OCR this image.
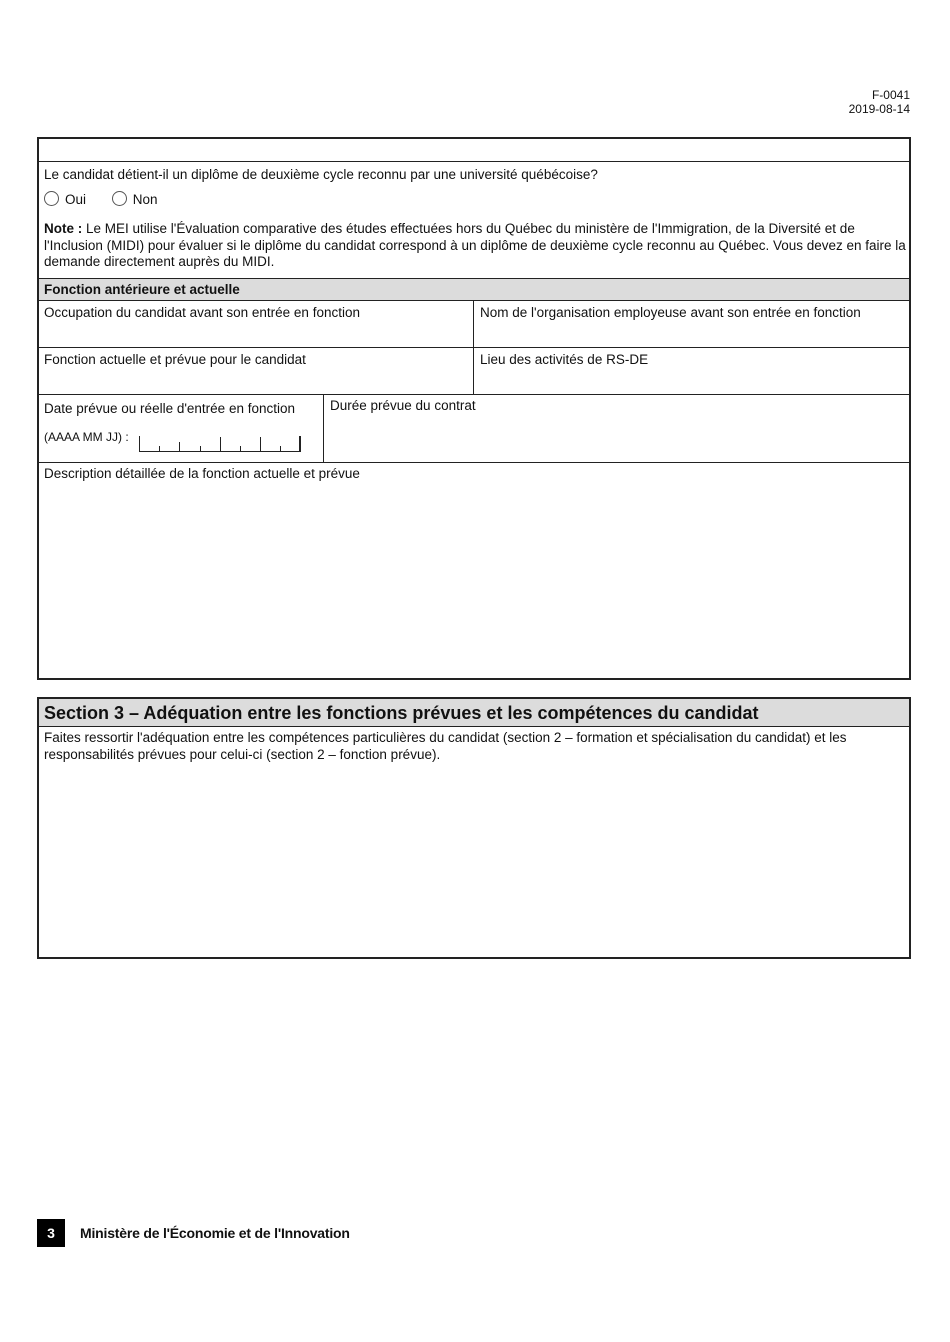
F-0041
2019-08-14
Le candidat détient-il un diplôme de deuxième cycle reconnu par une université québécoise?
Oui	Non
Note : Le MEI utilise l'Évaluation comparative des études effectuées hors du Québec du ministère de l'Immigration, de la Diversité et de l'Inclusion (MIDI) pour évaluer si le diplôme du candidat correspond à un diplôme de deuxième cycle reconnu au Québec. Vous devez en faire la demande directement auprès du MIDI.
Fonction antérieure et actuelle
Occupation du candidat avant son entrée en fonction	Nom de l'organisation employeuse avant son entrée en fonction
Fonction actuelle et prévue pour le candidat	Lieu des activités de RS-DE
Date prévue ou réelle d'entrée en fonction
(AAAA MM JJ) :
Durée prévue du contrat
Description détaillée de la fonction actuelle et prévue
Section 3 – Adéquation entre les fonctions prévues et les compétences du candidat
Faites ressortir l'adéquation entre les compétences particulières du candidat (section 2 – formation et spécialisation du candidat) et les responsabilités prévues pour celui-ci (section 2 – fonction prévue).
3	Ministère de l'Économie et de l'Innovation
